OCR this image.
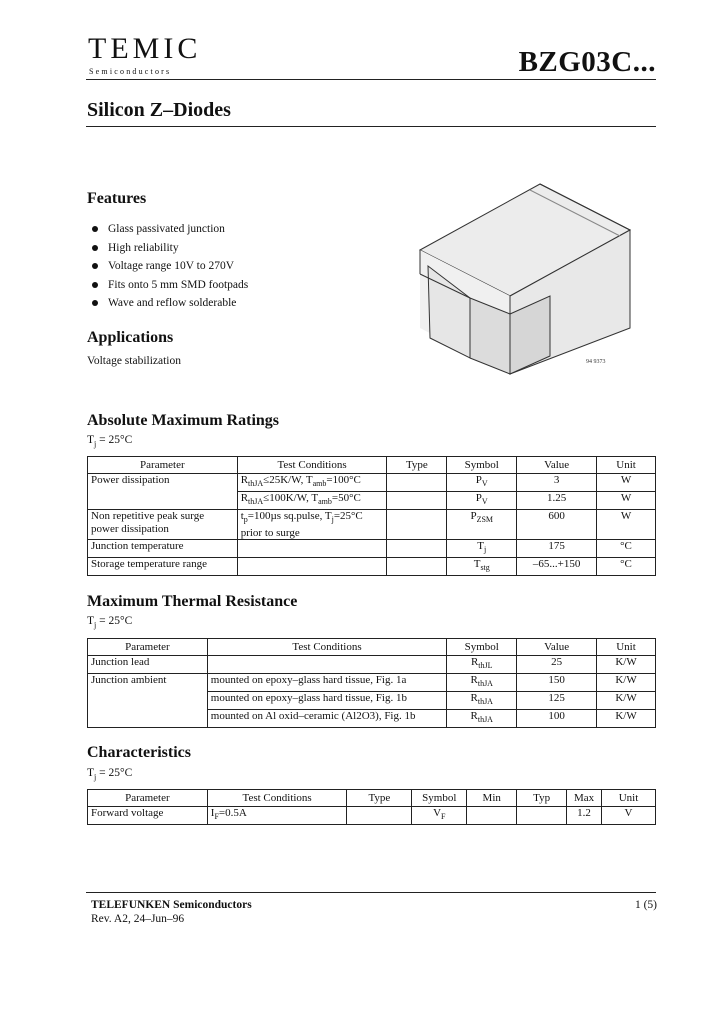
TEMIC
Semiconductors	BZG03C...
Silicon Z–Diodes
Features
Glass passivated junction
High reliability
Voltage range 10V to 270V
Fits onto 5 mm SMD footpads
Wave and reflow solderable
Applications
Voltage stabilization	94 9373
Absolute Maximum Ratings
$T_j = 25^\circ C$
Parameter	Test Conditions	Type	Symbol	Value	Unit
Power dissipation	$R_{thJA}\le 25K/W$, $T_{amb}=100^\circ C$		$P_V$	3	W
	$R_{thJA}\le 100K/W$, $T_{amb}=50^\circ C$		$P_V$	1.25	W
Non repetitive peak surge power dissipation	$t_p=100\mu s$ sq.pulse, $T_j=25^\circ C$ prior to surge		$P_{ZSM}$	600	W
Junction temperature			$T_j$	175	°C
Storage temperature range			$T_{stg}$	–65...+150	°C
Maximum Thermal Resistance
$T_j = 25^\circ C$
Parameter	Test Conditions	Symbol	Value	Unit
Junction lead		$R_{thJL}$	25	K/W
Junction ambient	mounted on epoxy–glass hard tissue, Fig. 1a	$R_{thJA}$	150	K/W
	mounted on epoxy–glass hard tissue, Fig. 1b	$R_{thJA}$	125	K/W
	mounted on Al oxid–ceramic (Al2O3), Fig. 1b	$R_{thJA}$	100	K/W
Characteristics
$T_j = 25^\circ C$
Parameter	Test Conditions	Type	Symbol	Min	Typ	Max	Unit
Forward voltage	$I_F=0.5A$		$V_F$			1.2	V
TELEFUNKEN Semiconductors
Rev. A2, 24–Jun–96
1 (5)
